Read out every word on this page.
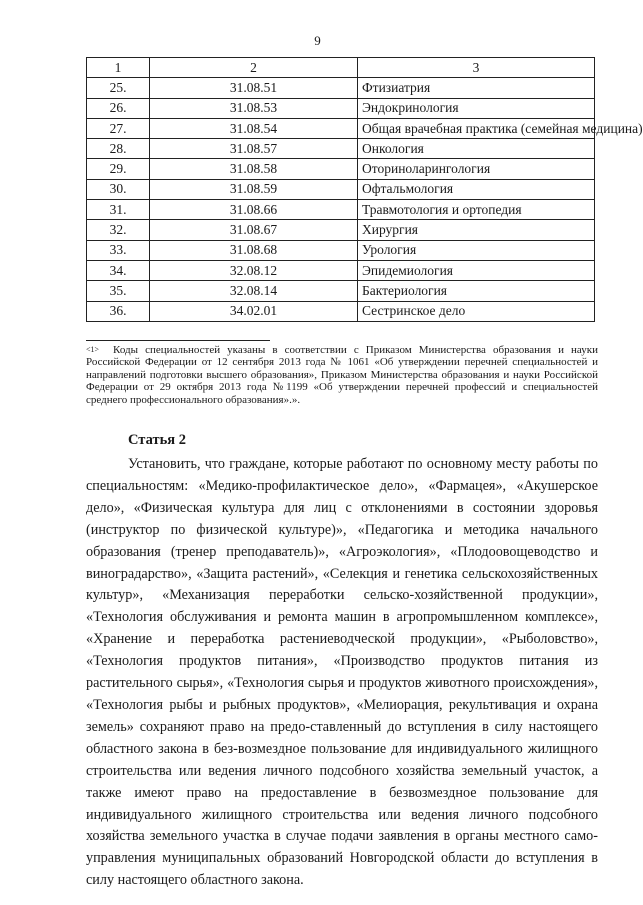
9
1	2	3
25.	31.08.51	Фтизиатрия
26.	31.08.53	Эндокринология
27.	31.08.54	Общая врачебная практика (семейная медицина)
28.	31.08.57	Онкология
29.	31.08.58	Оториноларингология
30.	31.08.59	Офтальмология
31.	31.08.66	Травмотология и ортопедия
32.	31.08.67	Хирургия
33.	31.08.68	Урология
34.	32.08.12	Эпидемиология
35.	32.08.14	Бактериология
36.	34.02.01	Сестринское дело
$^{<1>}$ Коды специальностей указаны в соответствии с Приказом Министерства образования и науки Российской Федерации от 12 сентября 2013 года № 1061 «Об утверждении перечней специальностей и направлений подготовки высшего образования», Приказом Министерства образования и науки Российской Федерации от 29 октября 2013 года №1199 «Об утверждении перечней профессий и специальностей среднего профессионального образования».».
Статья 2

Установить, что граждане, которые работают по основному месту работы по специальностям: «Медико-профилактическое дело», «Фармацея», «Акушерское дело», «Физическая культура для лиц с отклонениями в состоянии здоровья (инструктор по физической культуре)», «Педагогика и методика начального образования (тренер преподаватель)», «Агроэкология», «Плодоовощеводство и виноградарство», «Защита растений», «Селекция и генетика сельскохозяйственных культур», «Механизация переработки сельско-хозяйственной продукции», «Технология обслуживания и ремонта машин в агропромышленном комплексе», «Хранение и переработка растениеводческой продукции», «Рыболовство», «Технология продуктов питания», «Производство продуктов питания из растительного сырья», «Технология сырья и продуктов животного происхождения», «Технология рыбы и рыбных продуктов», «Мелиорация, рекультивация и охрана земель» сохраняют право на предо-ставленный до вступления в силу настоящего областного закона в без-возмездное пользование для индивидуального жилищного строительства или ведения личного подсобного хозяйства земельный участок, а также имеют право на предоставление в безвозмездное пользование для индивидуального жилищного строительства или ведения личного подсобного хозяйства земельного участка в случае подачи заявления в органы местного само-управления муниципальных образований Новгородской области до вступления в силу настоящего областного закона.
